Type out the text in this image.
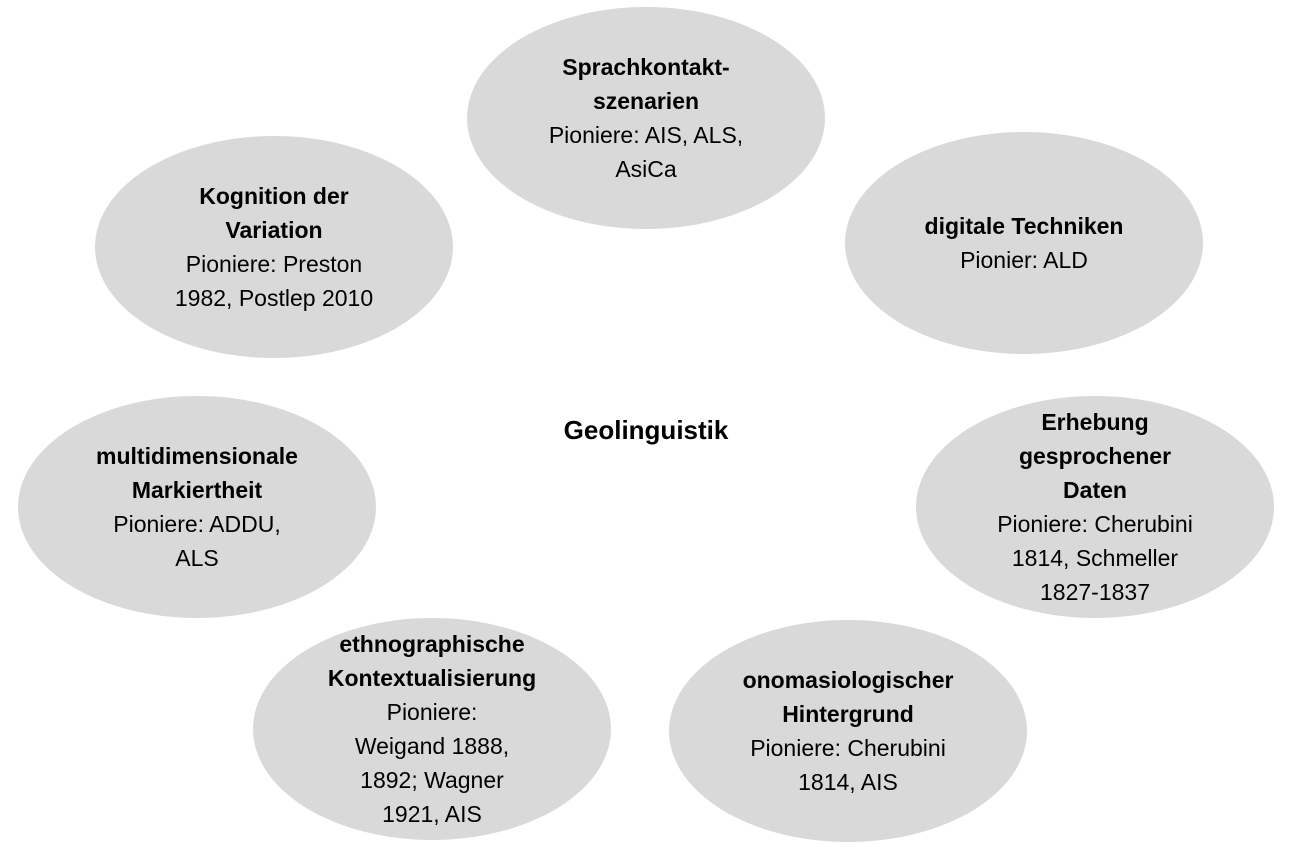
Geolinguistik
Sprachkontakt-
szenarien
Pioniere: AIS, ALS,
AsiCa
Kognition der
Variation
Pioniere: Preston
1982, Postlep 2010
digitale Techniken
Pionier: ALD
multidimensionale
Markiertheit
Pioniere: ADDU,
ALS
Erhebung
gesprochener
Daten
Pioniere: Cherubini
1814, Schmeller
1827-1837
ethnographische
Kontextualisierung
Pioniere:
Weigand 1888,
1892; Wagner
1921, AIS
onomasiologischer
Hintergrund
Pioniere: Cherubini
1814, AIS
